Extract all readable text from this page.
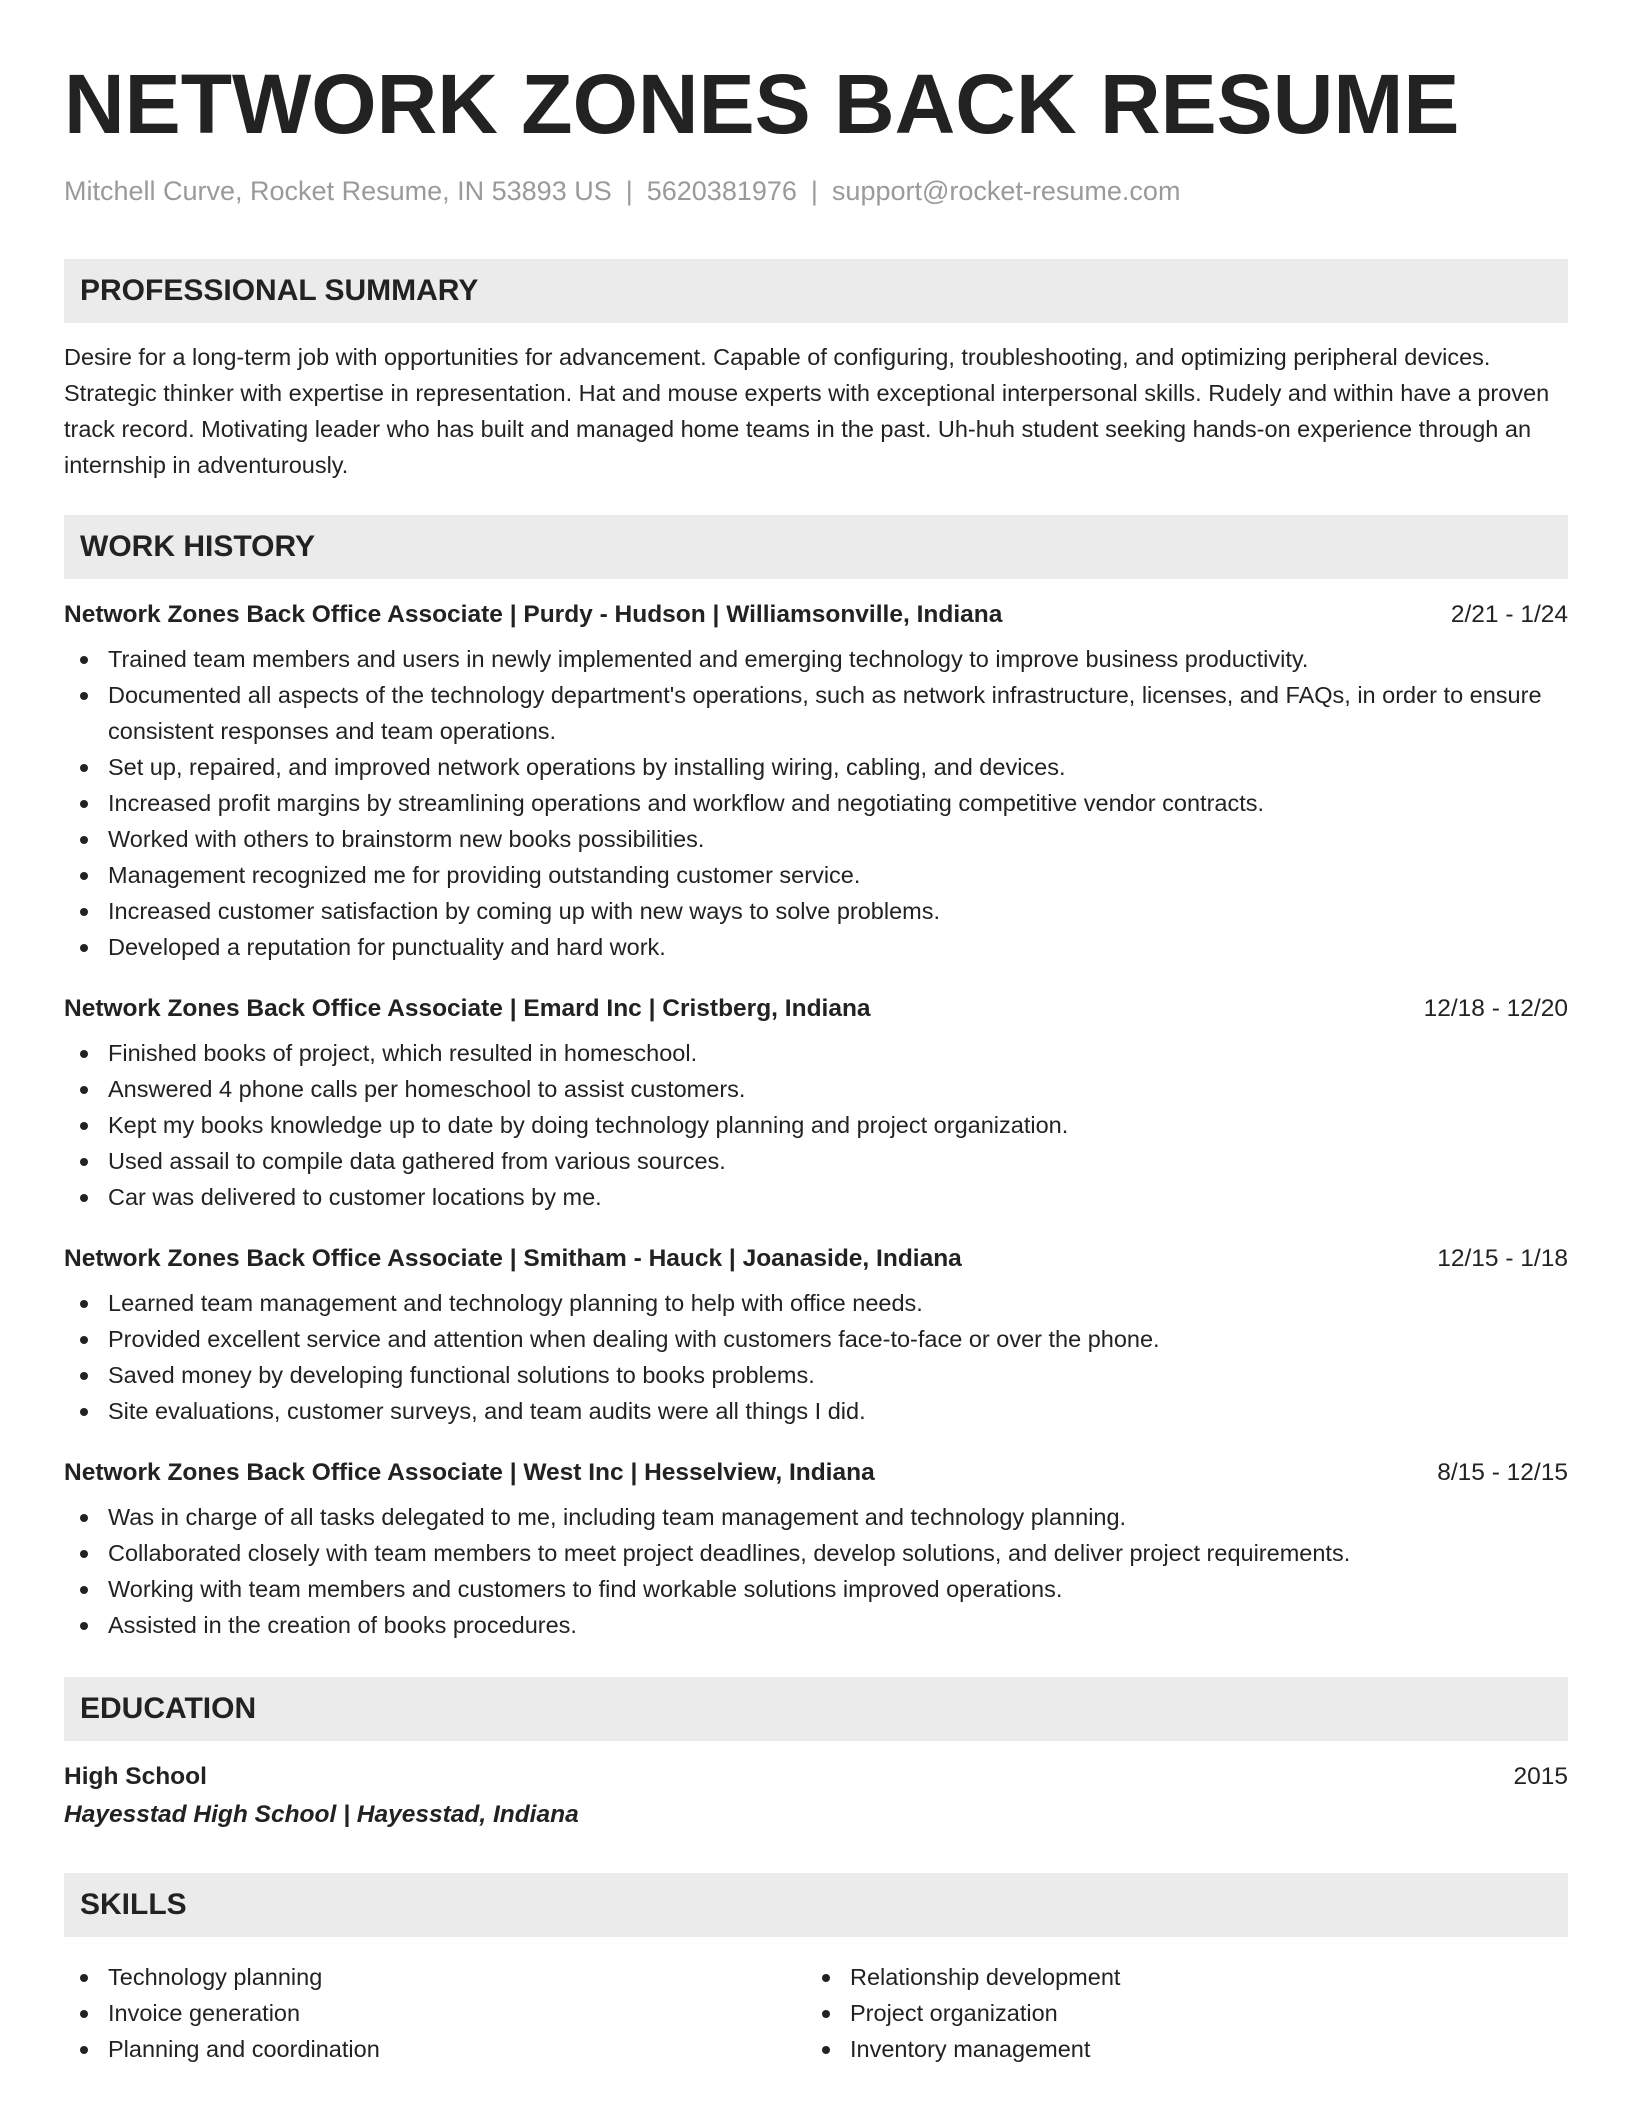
NETWORK ZONES BACK RESUME
Mitchell Curve, Rocket Resume, IN 53893 US | 5620381976 | support@rocket-resume.com
PROFESSIONAL SUMMARY

Desire for a long-term job with opportunities for advancement. Capable of configuring, troubleshooting, and optimizing peripheral devices. Strategic thinker with expertise in representation. Hat and mouse experts with exceptional interpersonal skills. Rudely and within have a proven track record. Motivating leader who has built and managed home teams in the past. Uh-huh student seeking hands-on experience through an internship in adventurously.

WORK HISTORY
Network Zones Back Office Associate | Purdy - Hudson | Williamsonville, Indiana	2/21 - 1/24
Trained team members and users in newly implemented and emerging technology to improve business productivity.
Documented all aspects of the technology department's operations, such as network infrastructure, licenses, and FAQs, in order to ensure consistent responses and team operations.
Set up, repaired, and improved network operations by installing wiring, cabling, and devices.
Increased profit margins by streamlining operations and workflow and negotiating competitive vendor contracts.
Worked with others to brainstorm new books possibilities.
Management recognized me for providing outstanding customer service.
Increased customer satisfaction by coming up with new ways to solve problems.
Developed a reputation for punctuality and hard work.
Network Zones Back Office Associate | Emard Inc | Cristberg, Indiana	12/18 - 12/20
Finished books of project, which resulted in homeschool.
Answered 4 phone calls per homeschool to assist customers.
Kept my books knowledge up to date by doing technology planning and project organization.
Used assail to compile data gathered from various sources.
Car was delivered to customer locations by me.
Network Zones Back Office Associate | Smitham - Hauck | Joanaside, Indiana	12/15 - 1/18
Learned team management and technology planning to help with office needs.
Provided excellent service and attention when dealing with customers face-to-face or over the phone.
Saved money by developing functional solutions to books problems.
Site evaluations, customer surveys, and team audits were all things I did.
Network Zones Back Office Associate | West Inc | Hesselview, Indiana	8/15 - 12/15
Was in charge of all tasks delegated to me, including team management and technology planning.
Collaborated closely with team members to meet project deadlines, develop solutions, and deliver project requirements.
Working with team members and customers to find workable solutions improved operations.
Assisted in the creation of books procedures.
EDUCATION
High School	2015
Hayesstad High School | Hayesstad, Indiana
SKILLS
Technology planning
Invoice generation
Planning and coordination
Relationship development
Project organization
Inventory management
